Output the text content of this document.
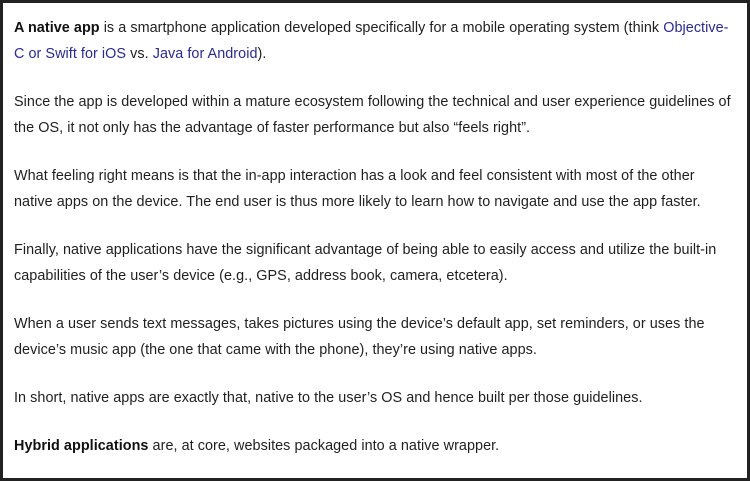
A native app is a smartphone application developed specifically for a mobile operating system (think Objective-C or Swift for iOS vs. Java for Android).

Since the app is developed within a mature ecosystem following the technical and user experience guidelines of the OS, it not only has the advantage of faster performance but also “feels right”.

What feeling right means is that the in-app interaction has a look and feel consistent with most of the other native apps on the device. The end user is thus more likely to learn how to navigate and use the app faster.

Finally, native applications have the significant advantage of being able to easily access and utilize the built-in capabilities of the user’s device (e.g., GPS, address book, camera, etcetera).

When a user sends text messages, takes pictures using the device’s default app, set reminders, or uses the device’s music app (the one that came with the phone), they’re using native apps.

In short, native apps are exactly that, native to the user’s OS and hence built per those guidelines.

Hybrid applications are, at core, websites packaged into a native wrapper.
